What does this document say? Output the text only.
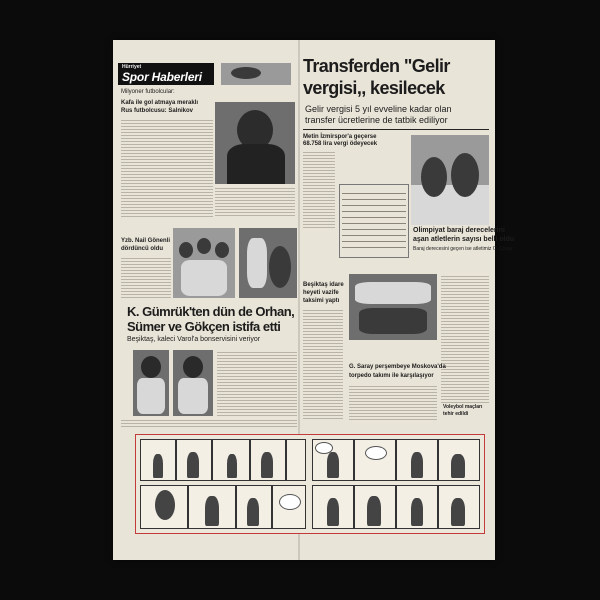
Hürriyet
Spor Haberleri
Transferden "Gelir
vergisi,, kesilecek
Gelir vergisi 5 yıl evveline kadar olan
transfer ücretlerine de tatbik ediliyor
Metin İzmirspor'a geçerse
68.758 lira vergi ödeyecek
Olimpiyat baraj derecelerini
aşan atletlerin sayısı belli oldu
Baraj derecesini geçen ise atletimiz O. Çinay
Milyoner futbolcular:
Kafa ile gol atmaya meraklı
Rus futbolcusu: Salnikov
Yzb. Nail Gönenli
dördüncü oldu
K. Gümrük'ten dün de Orhan,
Sümer ve Gökçen istifa etti
Beşiktaş, kaleci Varol'a bonservisini veriyor
Beşiktaş idare
heyeti vazife
taksimi yaptı
G. Saray perşembeye Moskova'da
torpedo takımı ile karşılaşıyor
Voleybol maçları
tehir edildi
